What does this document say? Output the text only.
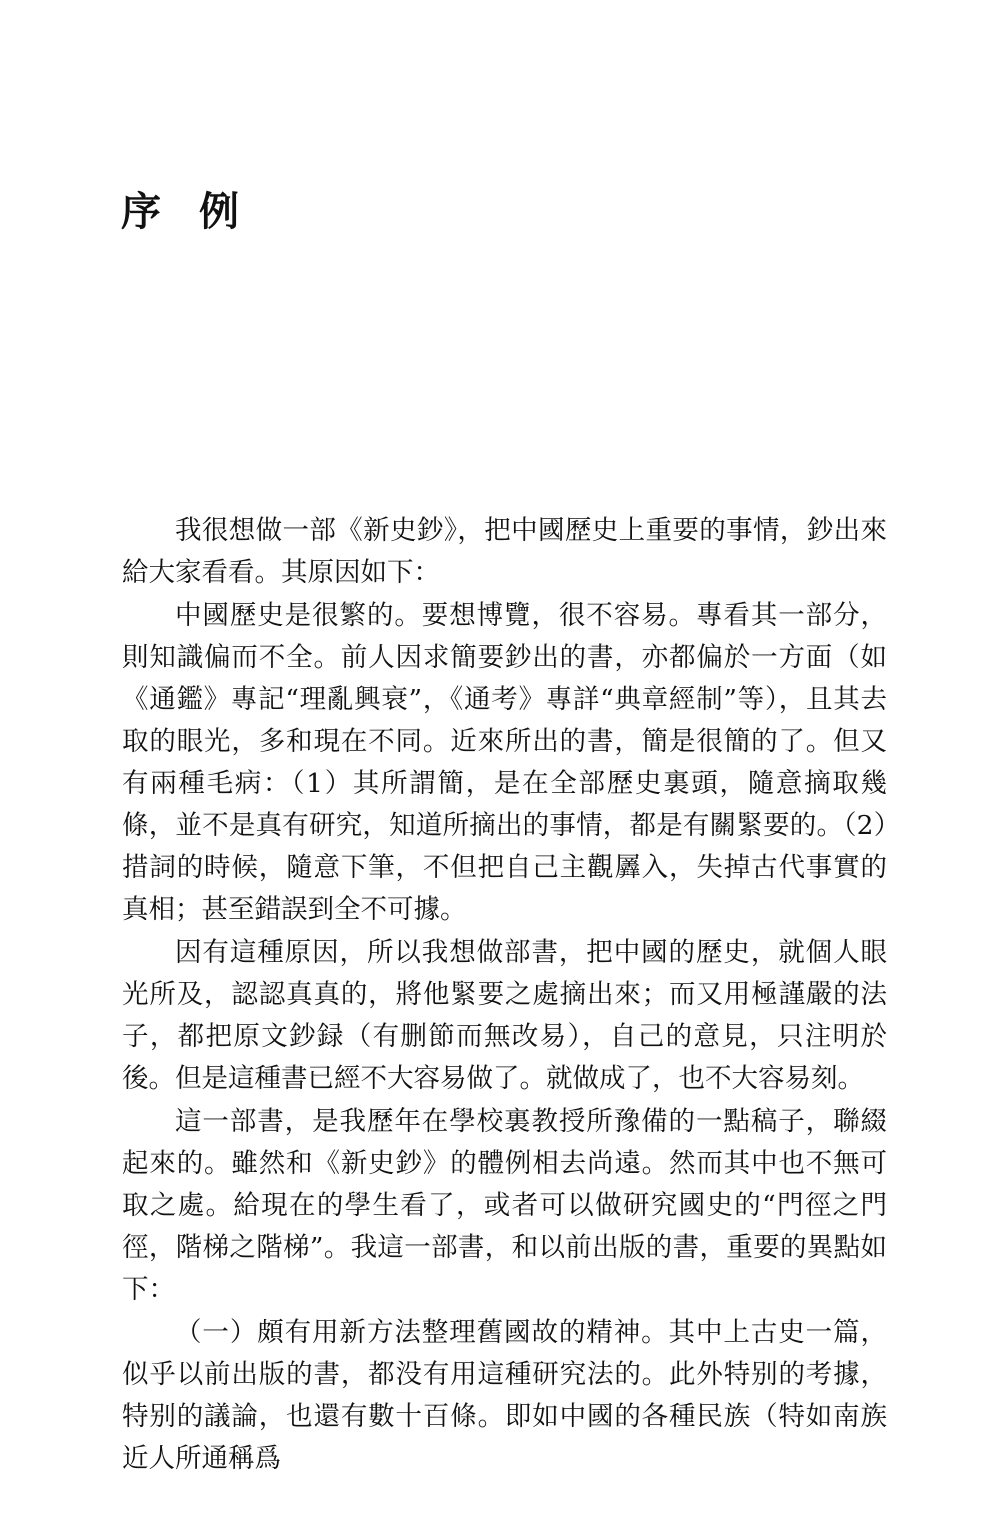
序例

我很想做一部《新史鈔》，把中國歷史上重要的事情，鈔出來給大家看看。其原因如下：

中國歷史是很繁的。要想博覽，很不容易。專看其一部分，則知識偏而不全。前人因求簡要鈔出的書，亦都偏於一方面（如《通鑑》專記“理亂興衰”，《通考》專詳“典章經制”等），且其去取的眼光，多和現在不同。近來所出的書，簡是很簡的了。但又有兩種毛病：（1）其所謂簡，是在全部歷史裏頭，隨意摘取幾條，並不是真有研究，知道所摘出的事情，都是有關緊要的。（2）措詞的時候，隨意下筆，不但把自己主觀羼入，失掉古代事實的真相；甚至錯誤到全不可據。

因有這種原因，所以我想做部書，把中國的歷史，就個人眼光所及，認認真真的，將他緊要之處摘出來；而又用極謹嚴的法子，都把原文鈔録（有删節而無改易），自己的意見，只注明於後。但是這種書已經不大容易做了。就做成了，也不大容易刻。

這一部書，是我歷年在學校裏教授所豫備的一點稿子，聯綴起來的。雖然和《新史鈔》的體例相去尚遠。然而其中也不無可取之處。給現在的學生看了，或者可以做研究國史的“門徑之門徑，階梯之階梯”。我這一部書，和以前出版的書，重要的異點如下：

（一）頗有用新方法整理舊國故的精神。其中上古史一篇，似乎以前出版的書，都没有用這種研究法的。此外特别的考據，特别的議論，也還有數十百條。即如中國的各種民族（特如南族近人所通稱爲
